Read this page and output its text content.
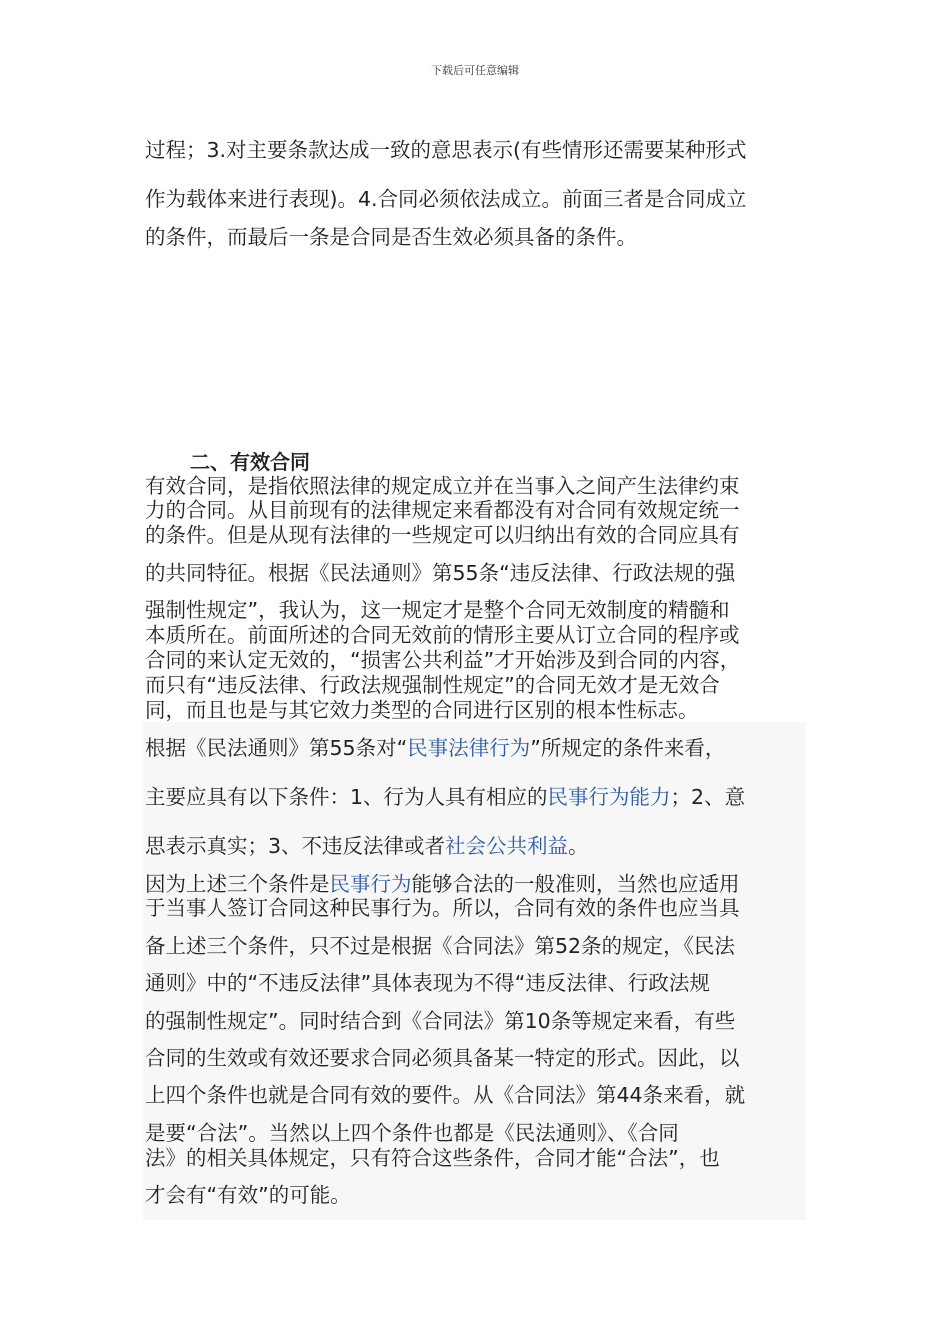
下载后可任意编辑
过程；3.对主要条款达成一致的意思表示(有些情形还需要某种形式
作为载体来进行表现)。4.合同必须依法成立。前面三者是合同成立
的条件，而最后一条是合同是否生效必须具备的条件。
二、有效合同
有效合同，是指依照法律的规定成立并在当事入之间产生法律约束
力的合同。从目前现有的法律规定来看都没有对合同有效规定统一
的条件。但是从现有法律的一些规定可以归纳出有效的合同应具有
的共同特征。根据《民法通则》第55条“违反法律、行政法规的强
强制性规定”，我认为，这一规定才是整个合同无效制度的精髓和
本质所在。前面所述的合同无效前的情形主要从订立合同的程序或
合同的来认定无效的，“损害公共利益”才开始涉及到合同的内容，
而只有“违反法律、行政法规强制性规定”的合同无效才是无效合
同，而且也是与其它效力类型的合同进行区别的根本性标志。
根据《民法通则》第55条对“民事法律行为”所规定的条件来看，
主要应具有以下条件：1、行为人具有相应的民事行为能力；2、意
思表示真实；3、不违反法律或者社会公共利益。
因为上述三个条件是民事行为能够合法的一般准则，当然也应适用
于当事人签订合同这种民事行为。所以，合同有效的条件也应当具
备上述三个条件，只不过是根据《合同法》第52条的规定，《民法
通则》中的“不违反法律”具体表现为不得“违反法律、行政法规
的强制性规定”。同时结合到《合同法》第10条等规定来看，有些
合同的生效或有效还要求合同必须具备某一特定的形式。因此，以
上四个条件也就是合同有效的要件。从《合同法》第44条来看，就
是要“合法”。当然以上四个条件也都是《民法通则》、《合同
法》的相关具体规定，只有符合这些条件，合同才能“合法”，也
才会有“有效”的可能。
